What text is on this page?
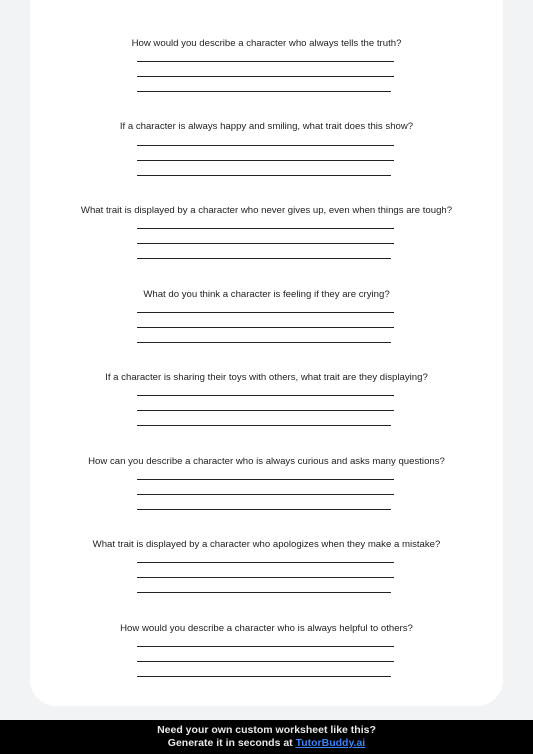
How would you describe a character who always tells the truth?
If a character is always happy and smiling, what trait does this show?
What trait is displayed by a character who never gives up, even when things are tough?
What do you think a character is feeling if they are crying?
If a character is sharing their toys with others, what trait are they displaying?
How can you describe a character who is always curious and asks many questions?
What trait is displayed by a character who apologizes when they make a mistake?
How would you describe a character who is always helpful to others?
Need your own custom worksheet like this?
Generate it in seconds at TutorBuddy.ai
